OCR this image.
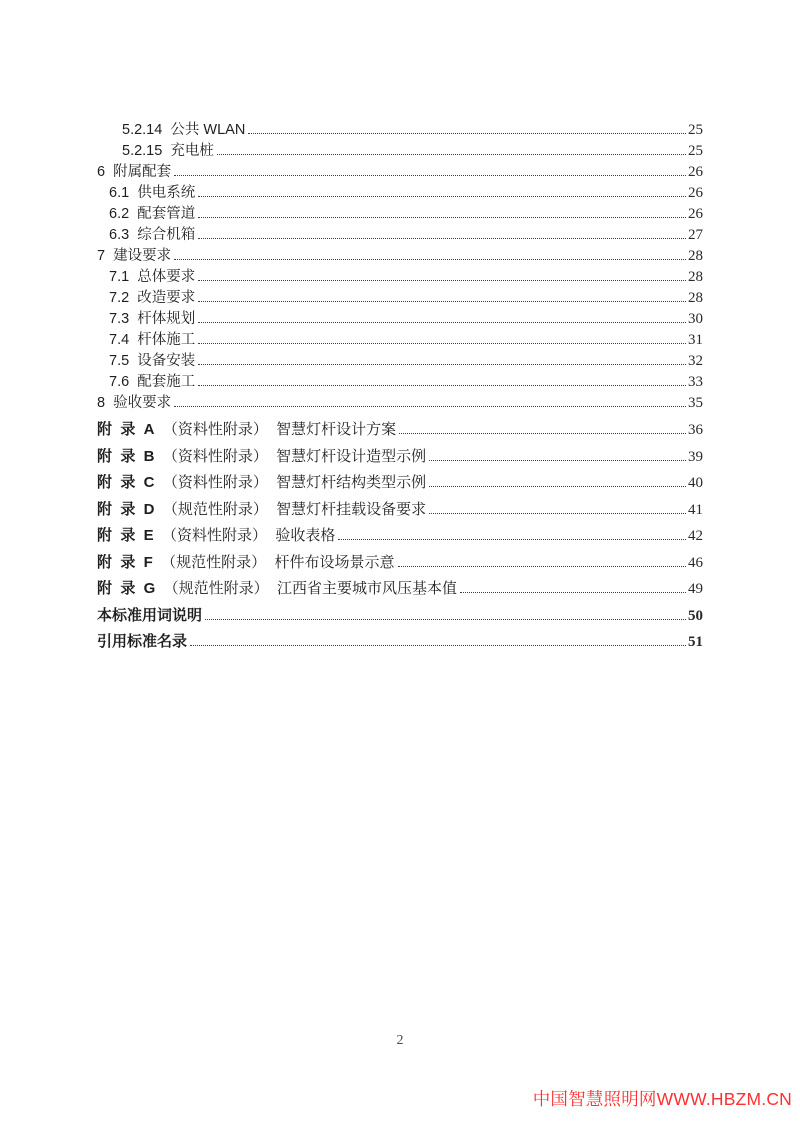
5.2.14  公共 WLAN	25
5.2.15  充电桩	25
6  附属配套	26
6.1  供电系统	26
6.2  配套管道	26
6.3  综合机箱	27
7  建设要求	28
7.1  总体要求	28
7.2  改造要求	28
7.3  杆体规划	30
7.4  杆体施工	31
7.5  设备安装	32
7.6  配套施工	33
8  验收要求	35
附  录  A  （资料性附录）  智慧灯杆设计方案	36
附  录  B  （资料性附录）  智慧灯杆设计造型示例	39
附  录  C  （资料性附录）  智慧灯杆结构类型示例	40
附  录  D  （规范性附录）  智慧灯杆挂载设备要求	41
附  录  E  （资料性附录）  验收表格	42
附  录  F  （规范性附录）  杆件布设场景示意	46
附  录  G  （规范性附录）  江西省主要城市风压基本值	49
本标准用词说明	50
引用标准名录	51
2
中国智慧照明网WWW.HBZM.CN
